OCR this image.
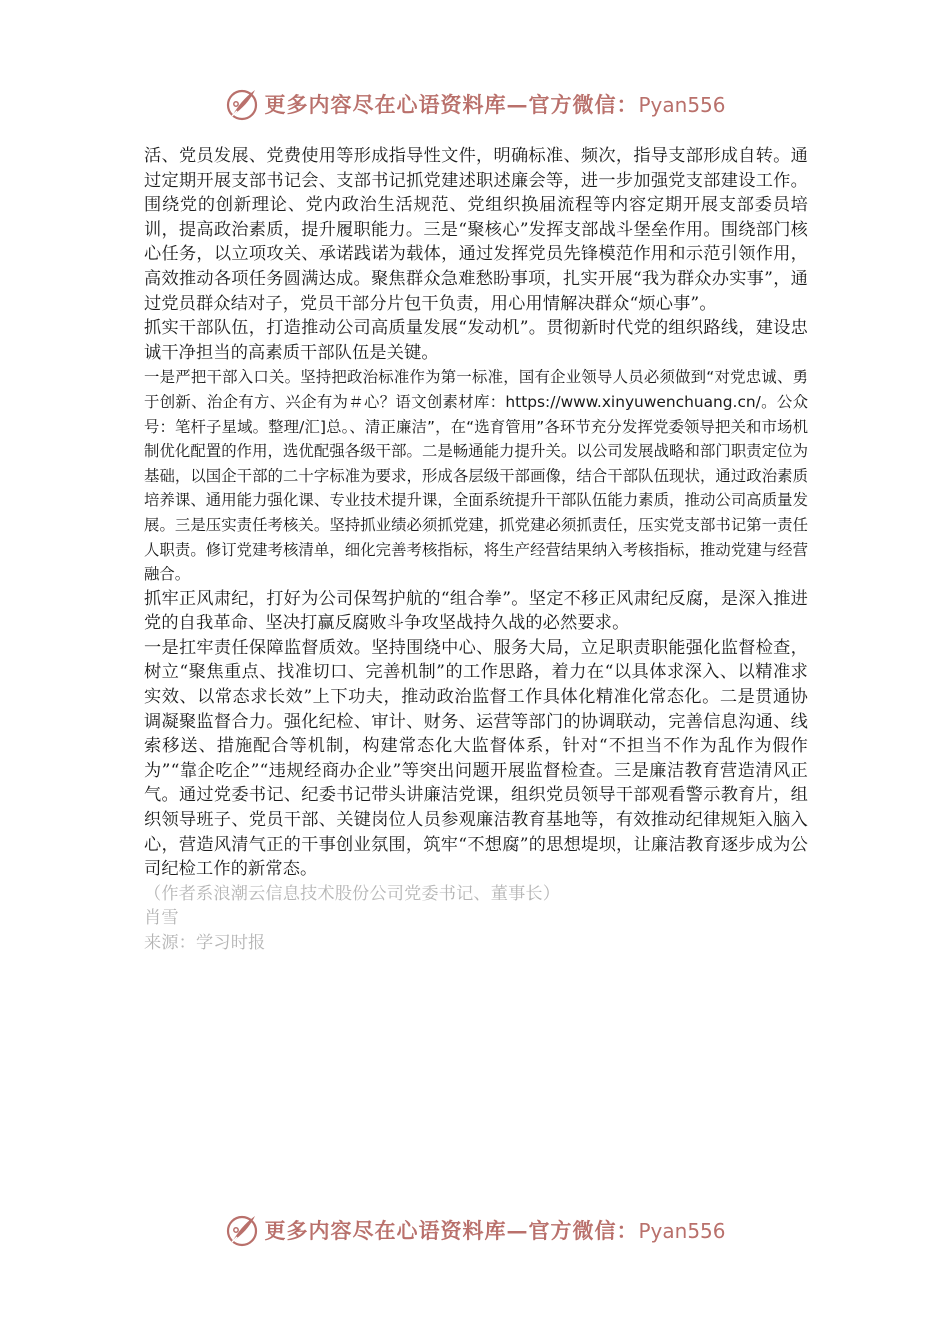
更多内容尽在心语资料库—官方微信：Pyan556

活、党员发展、党费使用等形成指导性文件，明确标准、频次，指导支部形成自转。通过定期开展支部书记会、支部书记抓党建述职述廉会等，进一步加强党支部建设工作。围绕党的创新理论、党内政治生活规范、党组织换届流程等内容定期开展支部委员培训，提高政治素质，提升履职能力。三是“聚核心”发挥支部战斗堡垒作用。围绕部门核心任务，以立项攻关、承诺践诺为载体，通过发挥党员先锋模范作用和示范引领作用，高效推动各项任务圆满达成。聚焦群众急难愁盼事项，扎实开展“我为群众办实事”，通过党员群众结对子，党员干部分片包干负责，用心用情解决群众“烦心事”。

抓实干部队伍，打造推动公司高质量发展“发动机”。贯彻新时代党的组织路线，建设忠诚干净担当的高素质干部队伍是关键。

一是严把干部入口关。坚持把政治标准作为第一标准，国有企业领导人员必须做到“对党忠诚、勇于创新、治企有方、兴企有为＃心？语文创素材库：https://www.xinyuwenchuang.cn/。公众号：笔杆子星域。整理/汇]总。、清正廉洁”，在“选育管用”各环节充分发挥党委领导把关和市场机制优化配置的作用，选优配强各级干部。二是畅通能力提升关。以公司发展战略和部门职责定位为基础，以国企干部的二十字标准为要求，形成各层级干部画像，结合干部队伍现状，通过政治素质培养课、通用能力强化课、专业技术提升课，全面系统提升干部队伍能力素质，推动公司高质量发展。三是压实责任考核关。坚持抓业绩必须抓党建，抓党建必须抓责任，压实党支部书记第一责任人职责。修订党建考核清单，细化完善考核指标，将生产经营结果纳入考核指标，推动党建与经营融合。

抓牢正风肃纪，打好为公司保驾护航的“组合拳”。坚定不移正风肃纪反腐，是深入推进党的自我革命、坚决打赢反腐败斗争攻坚战持久战的必然要求。

一是扛牢责任保障监督质效。坚持围绕中心、服务大局，立足职责职能强化监督检查，树立“聚焦重点、找准切口、完善机制”的工作思路，着力在“以具体求深入、以精准求实效、以常态求长效”上下功夫，推动政治监督工作具体化精准化常态化。二是贯通协调凝聚监督合力。强化纪检、审计、财务、运营等部门的协调联动，完善信息沟通、线索移送、措施配合等机制，构建常态化大监督体系，针对“不担当不作为乱作为假作为”“靠企吃企”“违规经商办企业”等突出问题开展监督检查。三是廉洁教育营造清风正气。通过党委书记、纪委书记带头讲廉洁党课，组织党员领导干部观看警示教育片，组织领导班子、党员干部、关键岗位人员参观廉洁教育基地等，有效推动纪律规矩入脑入心，营造风清气正的干事创业氛围，筑牢“不想腐”的思想堤坝，让廉洁教育逐步成为公司纪检工作的新常态。

（作者系浪潮云信息技术股份公司党委书记、董事长）

肖雪

来源：学习时报

更多内容尽在心语资料库—官方微信：Pyan556
